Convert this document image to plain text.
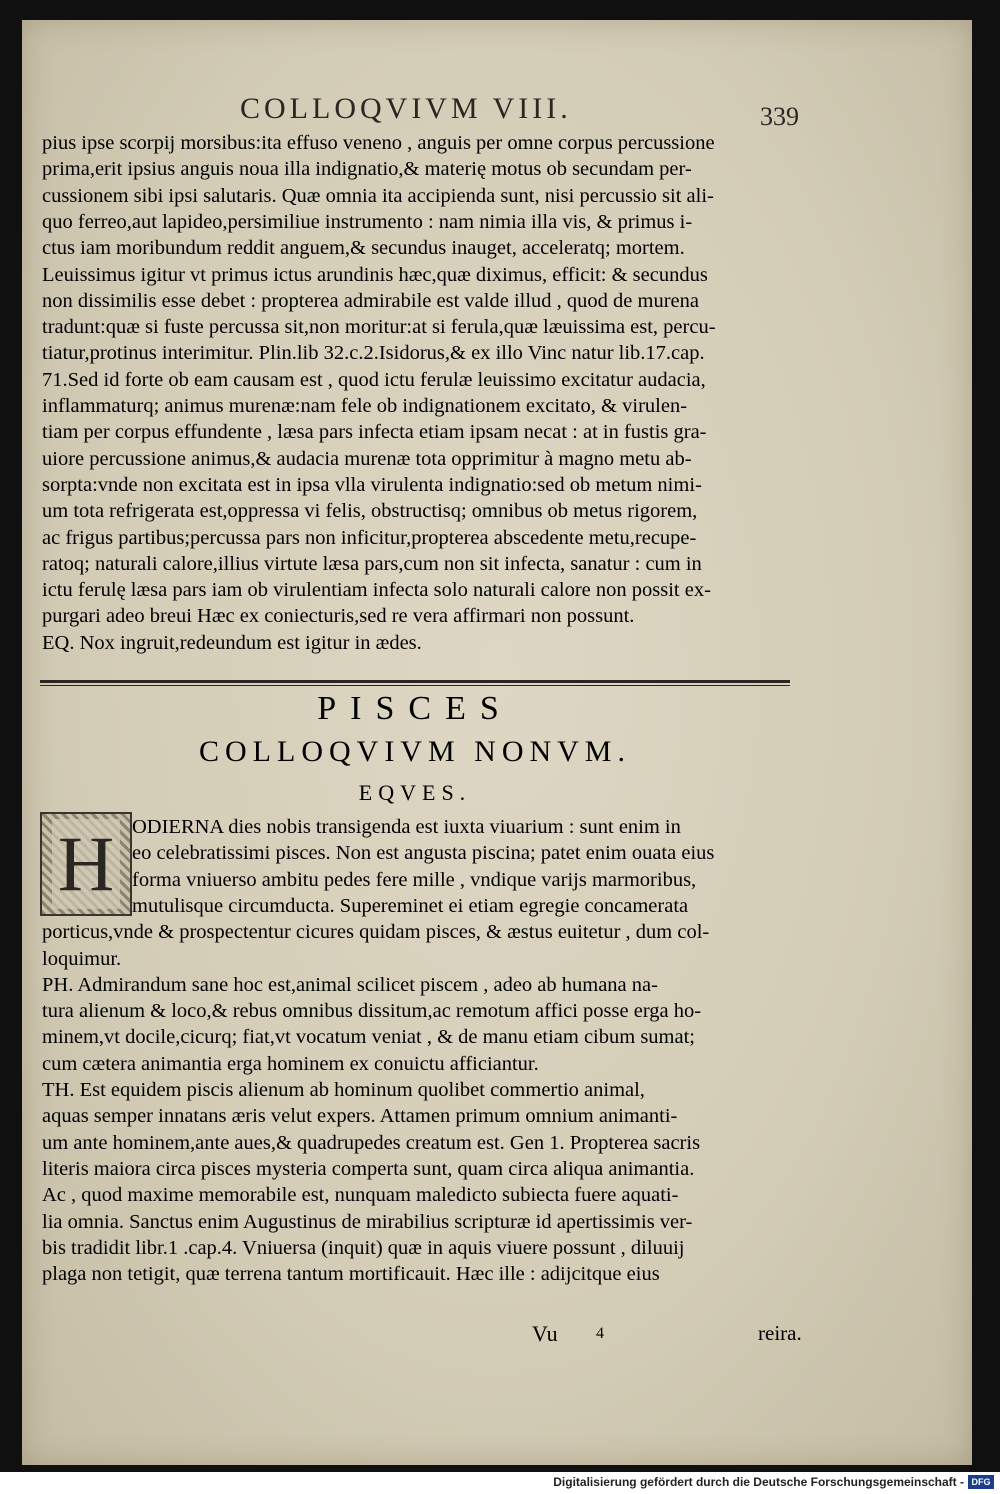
COLLOQVIVM VIII.	339
pius ipse scorpij morsibus:ita effuso veneno , anguis per omne corpus percussione
prima,erit ipsius anguis noua illa indignatio,& materię motus ob secundam per-
cussionem sibi ipsi salutaris. Quæ omnia ita accipienda sunt, nisi percussio sit ali-
quo ferreo,aut lapideo,persimiliue instrumento : nam nimia illa vis, & primus i-
ctus iam moribundum reddit anguem,& secundus inauget, acceleratq; mortem.
Leuissimus igitur vt primus ictus arundinis hæc,quæ diximus, efficit: & secundus
non dissimilis esse debet : propterea admirabile est valde illud , quod de murena
tradunt:quæ si fuste percussa sit,non moritur:at si ferula,quæ læuissima est, percu-
tiatur,protinus interimitur. Plin.lib 32.c.2.Isidorus,& ex illo Vinc natur lib.17.cap.
71.Sed id forte ob eam causam est , quod ictu ferulæ leuissimo excitatur audacia,
inflammaturq; animus murenæ:nam fele ob indignationem excitato, & virulen-
tiam per corpus effundente , læsa pars infecta etiam ipsam necat : at in fustis gra-
uiore percussione animus,& audacia murenæ tota opprimitur à magno metu ab-
sorpta:vnde non excitata est in ipsa vlla virulenta indignatio:sed ob metum nimi-
um tota refrigerata est,oppressa vi felis, obstructisq; omnibus ob metus rigorem,
ac frigus partibus;percussa pars non inficitur,propterea abscedente metu,recupe-
ratoq; naturali calore,illius virtute læsa pars,cum non sit infecta, sanatur : cum in
ictu ferulę læsa pars iam ob virulentiam infecta solo naturali calore non possit ex-
purgari adeo breui Hæc ex coniecturis,sed re vera affirmari non possunt.
EQ. Nox ingruit,redeundum est igitur in ædes.
PISCES
COLLOQVIVM NONVM.
EQVES.
H ODIERNA dies nobis transigenda est iuxta viuarium : sunt enim in
eo celebratissimi pisces. Non est angusta piscina; patet enim ouata eius
forma vniuerso ambitu pedes fere mille , vndique varijs marmoribus,
mutulisque circumducta. Supereminet ei etiam egregie concamerata
porticus,vnde & prospectentur cicures quidam pisces, & æstus euitetur , dum col-
loquimur.
PH. Admirandum sane hoc est,animal scilicet piscem , adeo ab humana na-
tura alienum & loco,& rebus omnibus dissitum,ac remotum affici posse erga ho-
minem,vt docile,cicurq; fiat,vt vocatum veniat , & de manu etiam cibum sumat;
cum cætera animantia erga hominem ex conuictu afficiantur.
TH. Est equidem piscis alienum ab hominum quolibet commertio animal,
aquas semper innatans æris velut expers. Attamen primum omnium animanti-
um ante hominem,ante aues,& quadrupedes creatum est. Gen 1. Propterea sacris
literis maiora circa pisces mysteria comperta sunt, quam circa aliqua animantia.
Ac , quod maxime memorabile est, nunquam maledicto subiecta fuere aquati-
lia omnia. Sanctus enim Augustinus de mirabilius scripturæ id apertissimis ver-
bis tradidit libr.1 .cap.4. Vniuersa (inquit) quæ in aquis viuere possunt , diluuij
plaga non tetigit, quæ terrena tantum mortificauit. Hæc ille : adijcitque eius
Vu 4	reira.
Digitalisierung gefördert durch die Deutsche Forschungsgemeinschaft - DFG
